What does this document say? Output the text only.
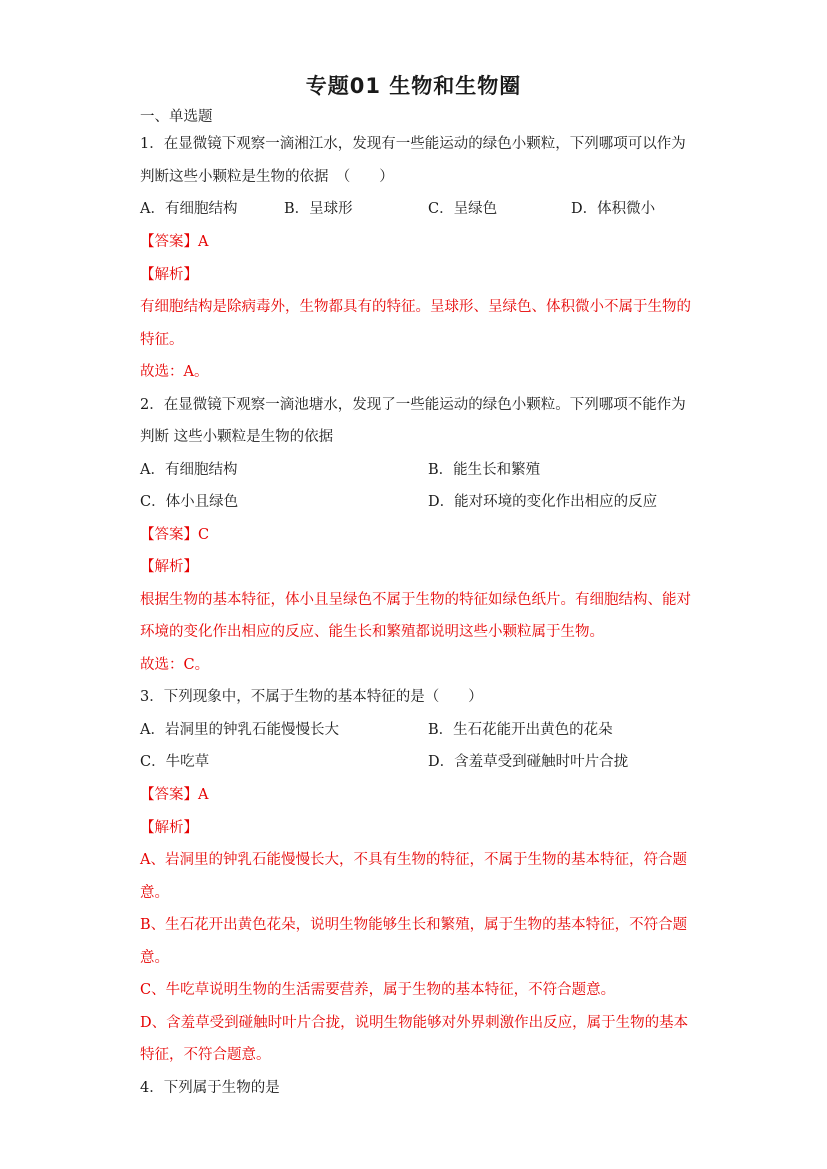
专题01 生物和生物圈
一、单选题
1．在显微镜下观察一滴湘江水，发现有一些能运动的绿色小颗粒，下列哪项可以作为
判断这些小颗粒是生物的依据　（　　）
A．有细胞结构	B．呈球形	C．呈绿色	D．体积微小
【答案】A
【解析】
有细胞结构是除病毒外，生物都具有的特征。呈球形、呈绿色、体积微小不属于生物的
特征。
故选：A。
2．在显微镜下观察一滴池塘水，发现了一些能运动的绿色小颗粒。下列哪项不能作为
判断 这些小颗粒是生物的依据
A．有细胞结构	B．能生长和繁殖
C．体小且绿色	D．能对环境的变化作出相应的反应
【答案】C
【解析】
根据生物的基本特征，体小且呈绿色不属于生物的特征如绿色纸片。有细胞结构、能对
环境的变化作出相应的反应、能生长和繁殖都说明这些小颗粒属于生物。
故选：C。
3．下列现象中，不属于生物的基本特征的是（　　）
A．岩洞里的钟乳石能慢慢长大	B．生石花能开出黄色的花朵
C．牛吃草	D．含羞草受到碰触时叶片合拢
【答案】A
【解析】
A、岩洞里的钟乳石能慢慢长大，不具有生物的特征，不属于生物的基本特征，符合题
意。
B、生石花开出黄色花朵，说明生物能够生长和繁殖，属于生物的基本特征，不符合题
意。
C、牛吃草说明生物的生活需要营养，属于生物的基本特征，不符合题意。
D、含羞草受到碰触时叶片合拢，说明生物能够对外界刺激作出反应，属于生物的基本
特征，不符合题意。
4．下列属于生物的是
